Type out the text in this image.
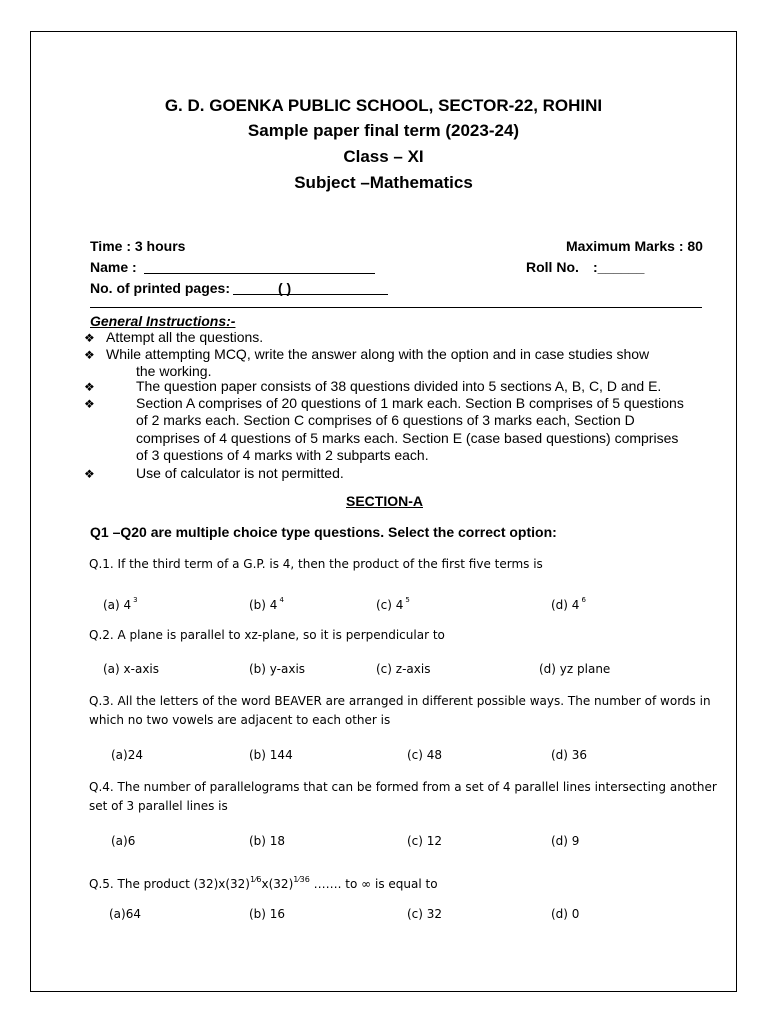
G. D. GOENKA PUBLIC SCHOOL, SECTOR-22, ROHINI
Sample paper final term (2023-24)
Class – XI
Subject –Mathematics
Time : 3 hours	Maximum Marks : 80
Name :	Roll No. :______
No. of printed pages:	( )
General Instructions:-
❖ Attempt all the questions.
❖ While attempting MCQ, write the answer along with the option and in case studies show
the working.
❖	The question paper consists of 38 questions divided into 5 sections A, B, C, D and E.
❖	Section A comprises of 20 questions of 1 mark each. Section B comprises of 5 questions
of 2 marks each. Section C comprises of 6 questions of 3 marks each, Section D
comprises of 4 questions of 5 marks each. Section E (case based questions) comprises
of 3 questions of 4 marks with 2 subparts each.
❖	Use of calculator is not permitted.
SECTION-A
Q1 –Q20 are multiple choice type questions. Select the correct option:
Q.1. If the third term of a G.P. is 4, then the product of the first five terms is
(a) 4 $^3$	(b) 4 $^4$	(c) 4 $^5$	(d) 4 $^6$
Q.2. A plane is parallel to xz-plane, so it is perpendicular to
(a) x-axis	(b) y-axis	(c) z-axis	(d) yz plane
Q.3. All the letters of the word BEAVER are arranged in different possible ways. The number of words in
which no two vowels are adjacent to each other is
(a)24	(b) 144	(c) 48	(d) 36
Q.4. The number of parallelograms that can be formed from a set of 4 parallel lines intersecting another
set of 3 parallel lines is
(a)6	(b) 18	(c) 12	(d) 9
Q.5. The product $(32)x(32)^{1⁄6}x(32)^{1⁄36}$ ……. to ∞ is equal to
(a)64	(b) 16	(c) 32	(d) 0
